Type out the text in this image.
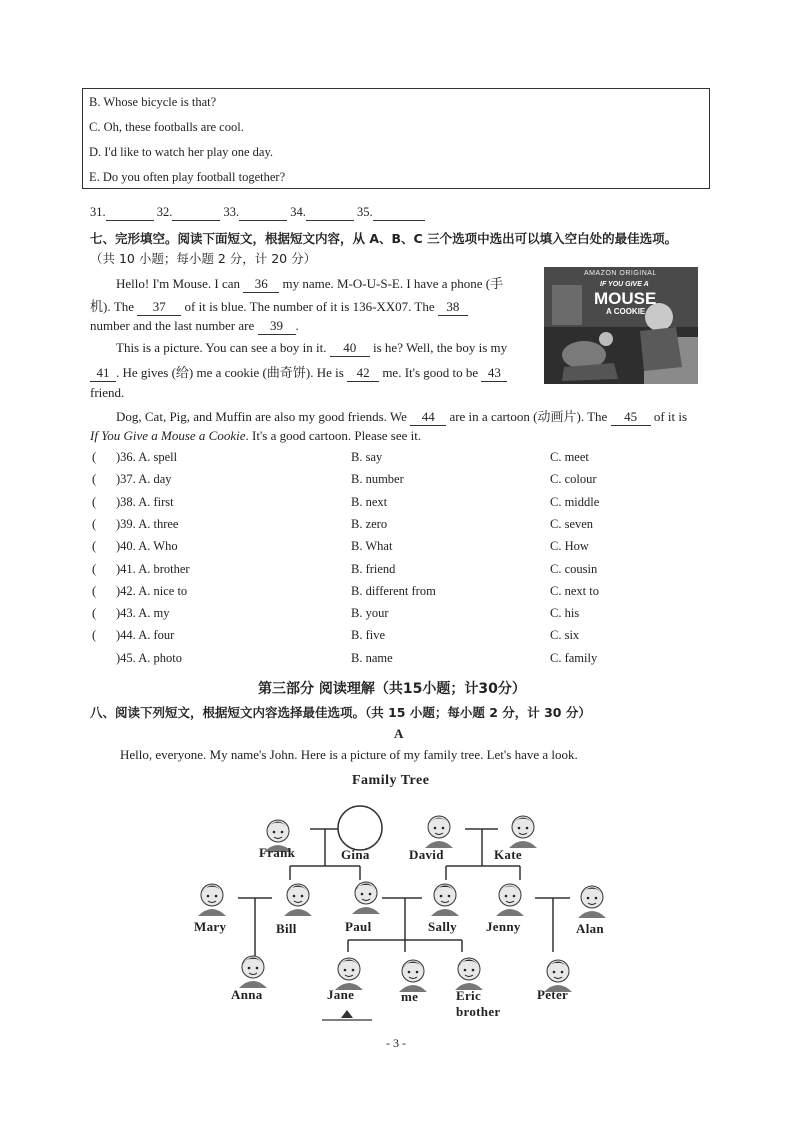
B. Whose bicycle is that?
C. Oh, these footballs are cool.
D. I'd like to watch her play one day.
E. Do you often play football together?
31.	32.	33.	34.	35.
七、完形填空。阅读下面短文，根据短文内容，从 A、B、C 三个选项中选出可以填入空白处的最佳选项。
（共 10 小题；每小题 2 分，计 20 分）
Hello! I'm Mouse. I can 36 my name. M-O-U-S-E. I have a phone (手
机). The 37 of it is blue. The number of it is 136-XX07. The 38
number and the last number are 39 .
This is a picture. You can see a boy in it. 40 is he? Well, the boy is my
41 . He gives (给) me a cookie (曲奇饼). He is 42 me. It's good to be 43
friend.
Dog, Cat, Pig, and Muffin are also my good friends. We 44 are in a cartoon (动画片). The 45 of it is
If You Give a Mouse a Cookie. It's a good cartoon. Please see it.
AMAZON ORIGINAL
IF YOU GIVE A
MOUSE
A COOKIE
( )36. A. spell	B. say	C. meet
( )37. A. day	B. number	C. colour
( )38. A. first	B. next	C. middle
( )39. A. three	B. zero	C. seven
( )40. A. Who	B. What	C. How
( )41. A. brother	B. friend	C. cousin
( )42. A. nice to	B. different from	C. next to
( )43. A. my	B. your	C. his
( )44. A. four	B. five	C. six
)45. A. photo	B. name	C. family
第三部分 阅读理解（共15小题；计30分）
八、阅读下列短文，根据短文内容选择最佳选项。（共 15 小题；每小题 2 分，计 30 分）
A
Hello, everyone. My name's John. Here is a picture of my family tree. Let's have a look.
Family Tree
Frank	Gina	David	Kate
Mary	Bill	Paul	Sally Jenny	Alan
Anna	Jane	me	Eric
brother
Peter
- 3 -
